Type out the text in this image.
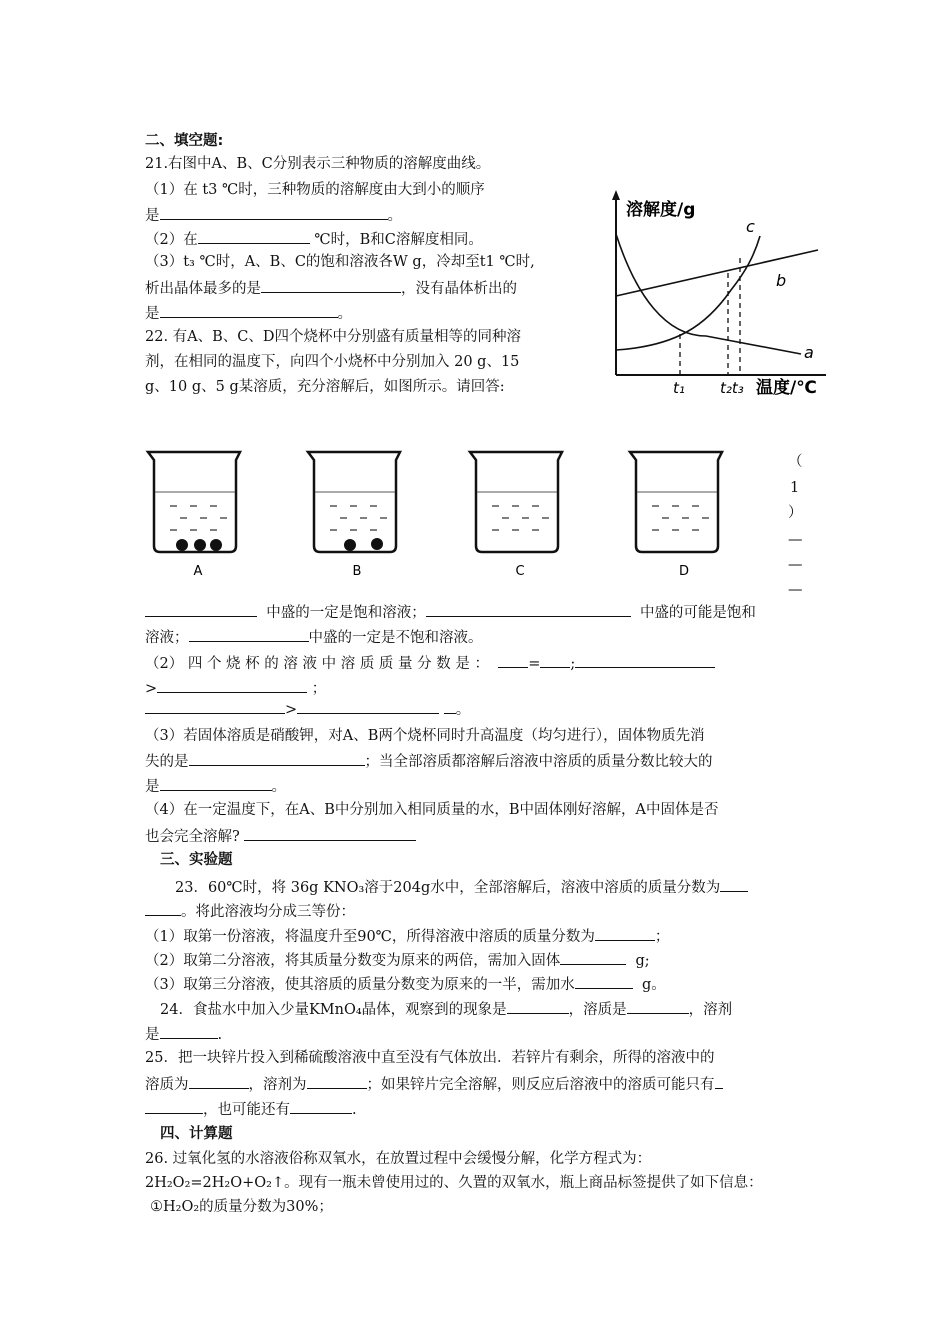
二、填空题:
21.右图中A、B、C分别表示三种物质的溶解度曲线。
（1）在 t3 ℃时，三种物质的溶解度由大到小的顺序
是	。
（2）在	℃时，B和C溶解度相同。
（3）t₃ ℃时，A、B、C的饱和溶液各W g，冷却至t1 ℃时,
析出晶体最多的是	，没有晶体析出的
是	。
22. 有A、B、C、D四个烧杯中分别盛有质量相等的同种溶
剂，在相同的温度下，向四个小烧杯中分别加入 20 g、15
g、10 g、5 g某溶质，充分溶解后，如图所示。请回答:
溶解度/g
b
a
c
t₁ t₂t₃ 温度/℃
A	B	C	D
（
1
）
—
—
—
中盛的一定是饱和溶液；	中盛的可能是饱和
溶液；	中盛的一定是不饱和溶液。
（2） 四 个 烧 杯 的 溶 液 中 溶 质 质 量 分 数 是 ：	= ;
>	；
>	。
（3）若固体溶质是硝酸钾，对A、B两个烧杯同时升高温度（均匀进行），固体物质先消
失的是	；当全部溶质都溶解后溶液中溶质的质量分数比较大的
是	。
（4）在一定温度下，在A、B中分别加入相同质量的水，B中固体刚好溶解，A中固体是否
也会完全溶解?
三、实验题
23．60℃时，将 36g KNO₃溶于204g水中，全部溶解后，溶液中溶质的质量分数为
。将此溶液均分成三等份：
（1）取第一份溶液，将温度升至90℃，所得溶液中溶质的质量分数为	；
（2）取第二分溶液，将其质量分数变为原来的两倍，需加入固体	g;
（3）取第三分溶液，使其溶质的质量分数变为原来的一半，需加水	g。
24．食盐水中加入少量KMnO₄晶体，观察到的现象是	，溶质是	，溶剂
是	.
25．把一块锌片投入到稀硫酸溶液中直至没有气体放出．若锌片有剩余，所得的溶液中的
溶质为	，溶剂为	；如果锌片完全溶解，则反应后溶液中的溶质可能只有
，也可能还有	.
四、计算题
26. 过氧化氢的水溶液俗称双氧水，在放置过程中会缓慢分解，化学方程式为：
2H₂O₂=2H₂O+O₂↑。现有一瓶未曾使用过的、久置的双氧水，瓶上商品标签提供了如下信息：
①H₂O₂的质量分数为30%；
